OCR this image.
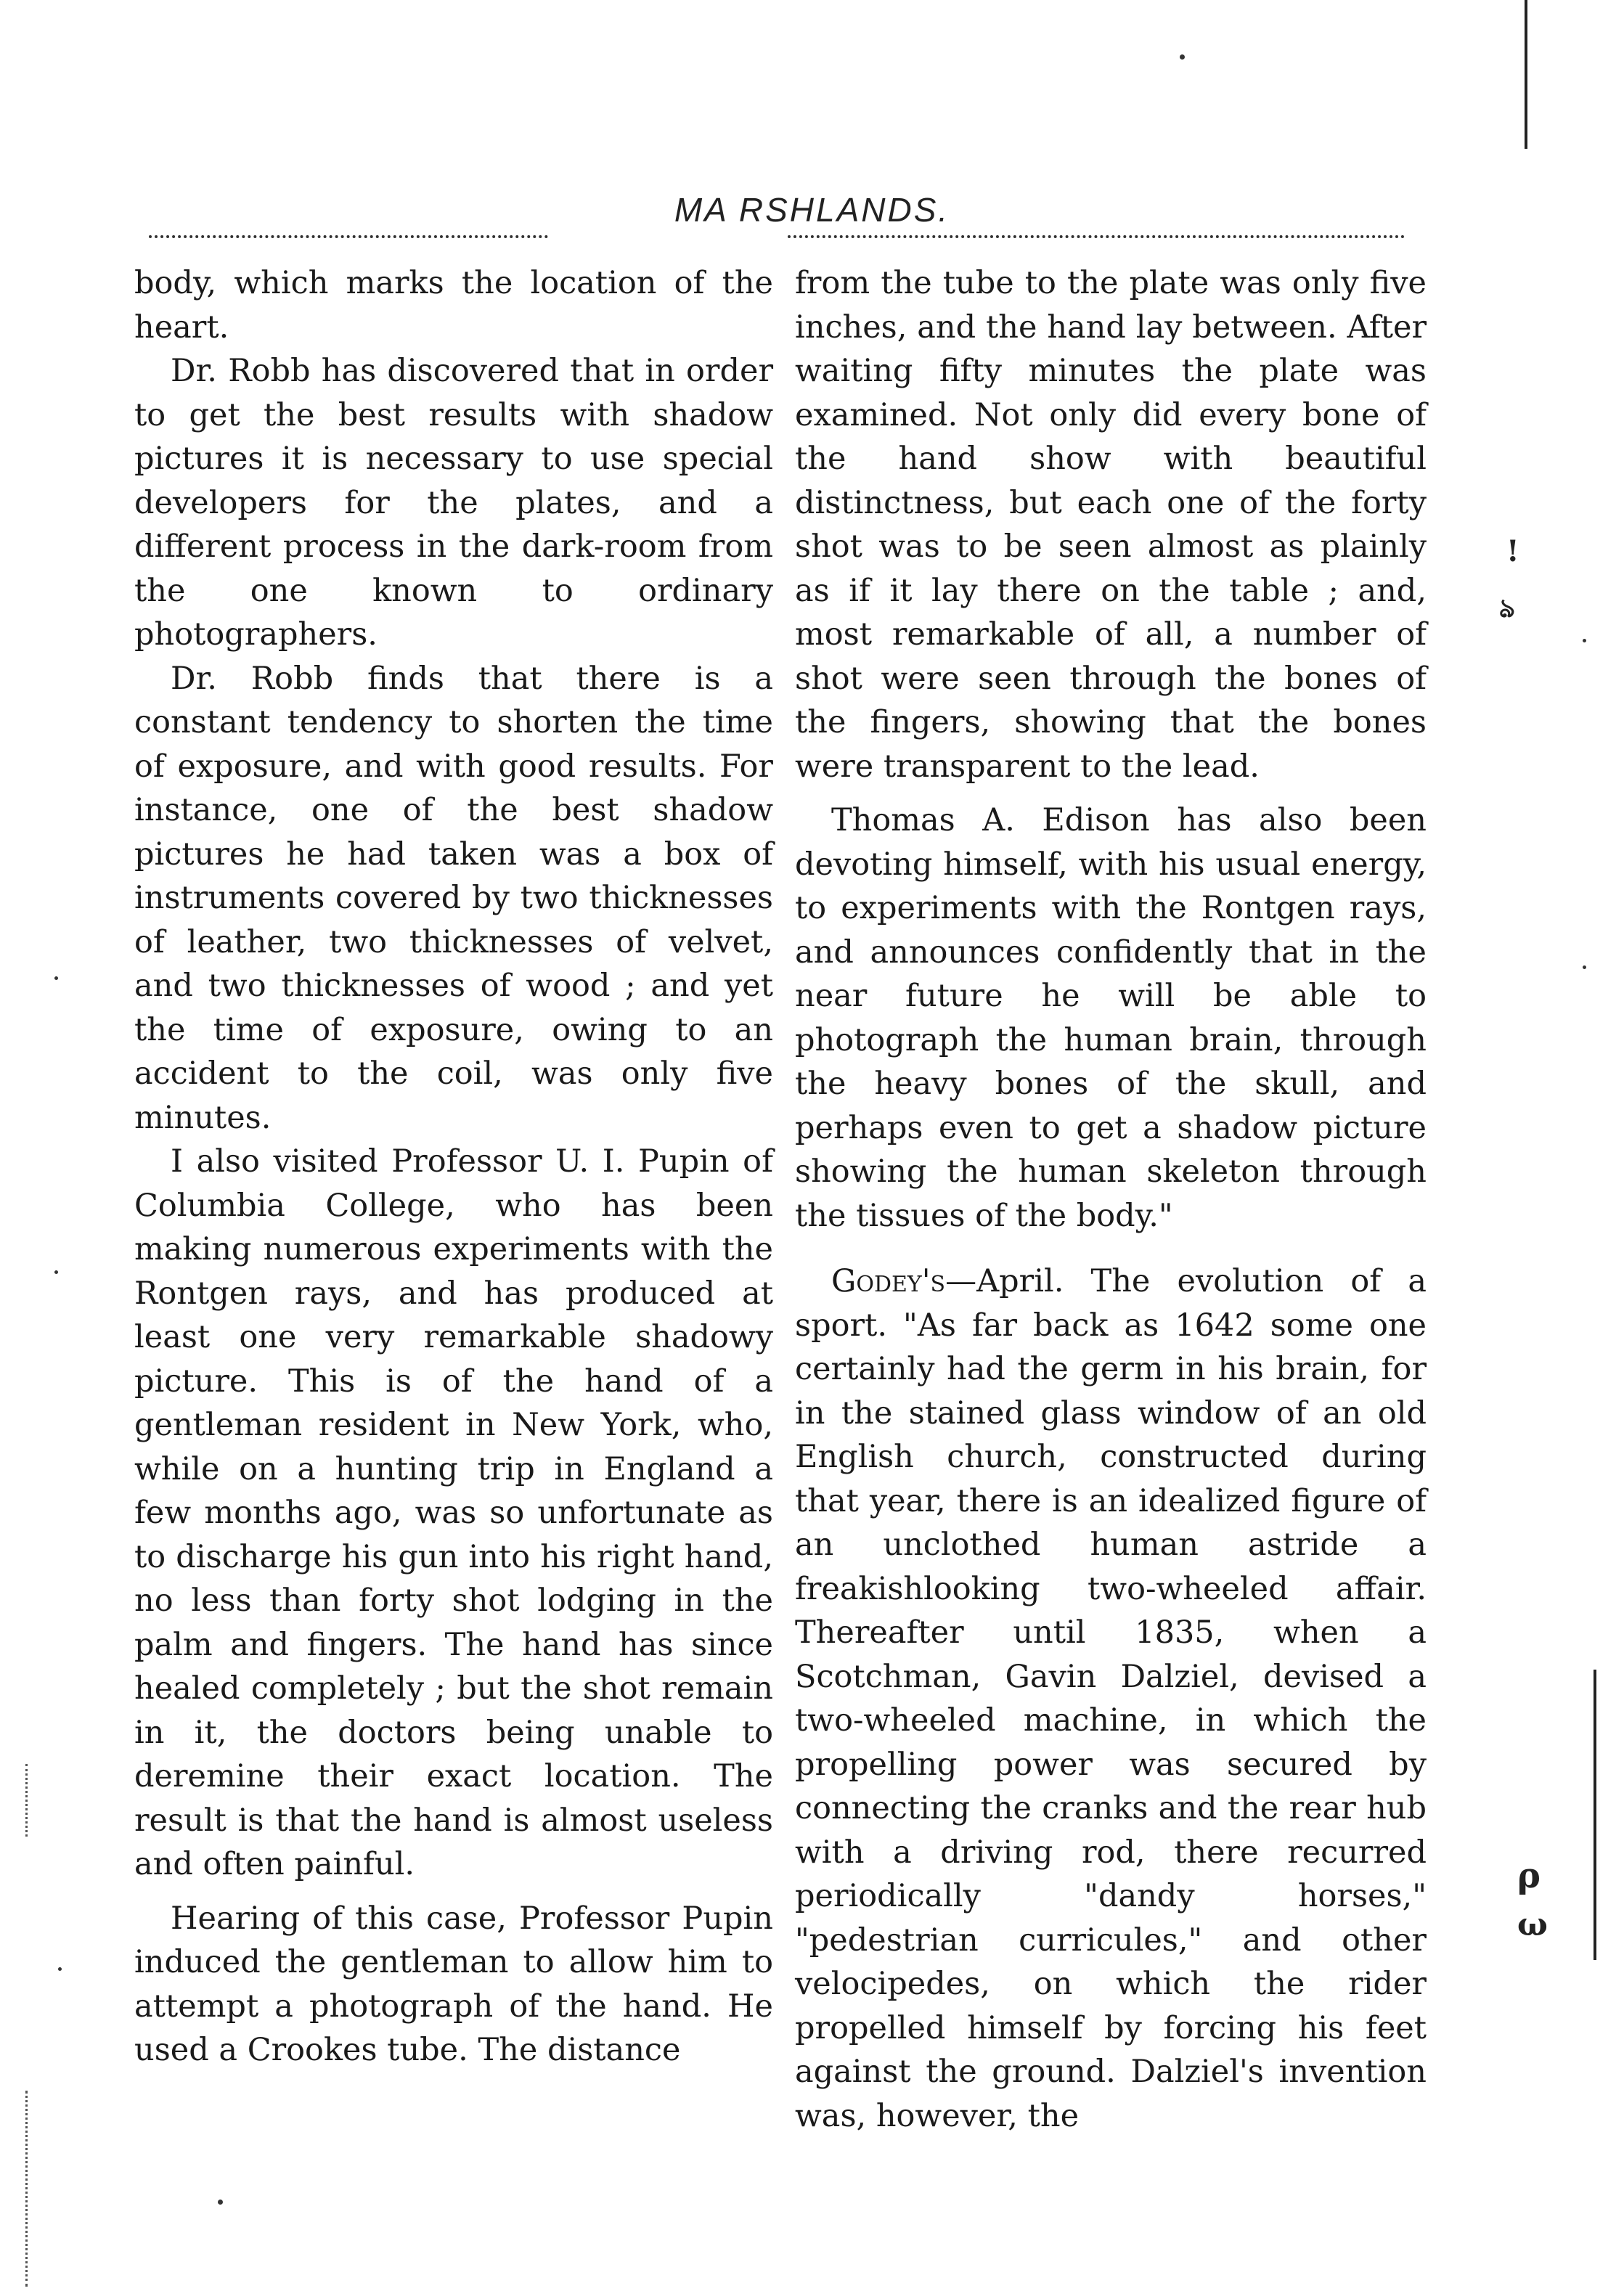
MA RSHLANDS.

body, which marks the location of the heart.

Dr. Robb has discovered that in order to get the best results with shadow pictures it is necessary to use special developers for the plates, and a different process in the dark-room from the one known to ordinary photographers.

Dr. Robb finds that there is a constant tendency to shorten the time of exposure, and with good results. For instance, one of the best shadow pictures he had taken was a box of instruments covered by two thicknesses of leather, two thicknesses of velvet, and two thicknesses of wood ; and yet the time of exposure, owing to an accident to the coil, was only five minutes.

I also visited Professor U. I. Pupin of Columbia College, who has been making numerous experiments with the Rontgen rays, and has produced at least one very remarkable shadowy picture. This is of the hand of a gentleman resident in New York, who, while on a hunting trip in England a few months ago, was so unfortunate as to discharge his gun into his right hand, no less than forty shot lodging in the palm and fingers. The hand has since healed completely ; but the shot remain in it, the doctors being unable to deremine their exact location. The result is that the hand is almost useless and often painful.

Hearing of this case, Professor Pupin induced the gentleman to allow him to attempt a photograph of the hand. He used a Crookes tube. The distance

from the tube to the plate was only five inches, and the hand lay between. After waiting fifty minutes the plate was examined. Not only did every bone of the hand show with beautiful distinctness, but each one of the forty shot was to be seen almost as plainly as if it lay there on the table ; and, most remarkable of all, a number of shot were seen through the bones of the fingers, showing that the bones were transparent to the lead.

Thomas A. Edison has also been devoting himself, with his usual energy, to experiments with the Rontgen rays, and announces confidently that in the near future he will be able to photograph the human brain, through the heavy bones of the skull, and perhaps even to get a shadow picture showing the human skeleton through the tissues of the body."

Godey's—April. The evolution of a sport. "As far back as 1642 some one certainly had the germ in his brain, for in the stained glass window of an old English church, constructed during that year, there is an idealized figure of an unclothed human astride a freakishlooking two-wheeled affair. Thereafter until 1835, when a Scotchman, Gavin Dalziel, devised a two-wheeled machine, in which the propelling power was secured by connecting the cranks and the rear hub with a driving rod, there recurred periodically "dandy horses," "pedestrian curricules," and other velocipedes, on which the rider propelled himself by forcing his feet against the ground. Dalziel's invention was, however, the

!
ঌ
ρ
ω
